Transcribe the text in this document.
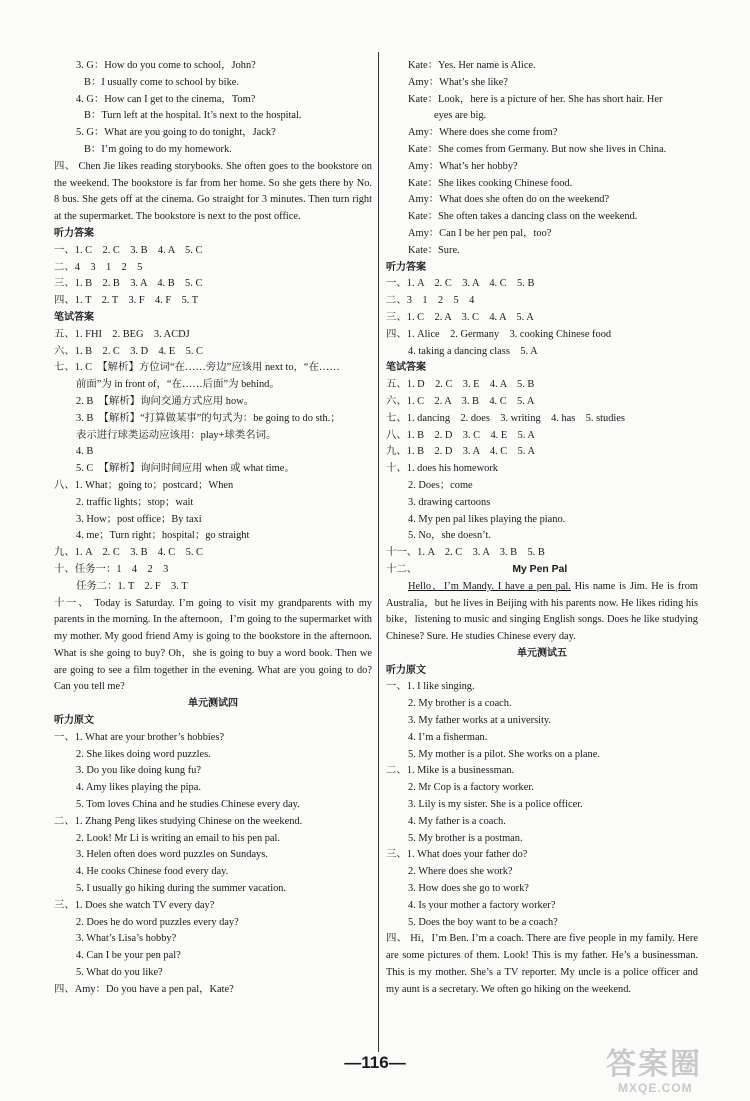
3. G：How do you come to school，John?
B：I usually come to school by bike.
4. G：How can I get to the cinema，Tom?
B：Turn left at the hospital. It’s next to the hospital.
5. G：What are you going to do tonight，Jack?
B：I’m going to do my homework.
四、 Chen Jie likes reading storybooks. She often goes to the bookstore on the weekend. The bookstore is far from her home. So she gets there by No. 8 bus. She gets off at the cinema. Go straight for 3 minutes. Then turn right at the supermarket. The bookstore is next to the post office.
听力答案
一、1. C　2. C　3. B　4. A　5. C
二、4　3　1　2　5
三、1. B　2. B　3. A　4. B　5. C
四、1. T　2. T　3. F　4. F　5. T
笔试答案
五、1. FHI　2. BEG　3. ACDJ
六、1. B　2. C　3. D　4. E　5. C
七、1. C　【解析】方位词“在……旁边”应该用 next to，“在……
前面”为 in front of，“在……后面”为 behind。
2. B　【解析】询问交通方式应用 how。
3. B　【解析】“打算做某事”的句式为：be going to do sth.；
表示进行球类运动应该用：play+球类名词。
4. B
5. C　【解析】询问时间应用 when 或 what time。
八、1. What；going to；postcard；When
2. traffic lights；stop；wait
3. How；post office；By taxi
4. me；Turn right；hospital；go straight
九、1. A　2. C　3. B　4. C　5. C
十、任务一：1　4　2　3
任务二：1. T　2. F　3. T
十一、 Today is Saturday. I’m going to visit my grandparents with my parents in the morning. In the afternoon，I’m going to the supermarket with my mother. My good friend Amy is going to the bookstore in the afternoon. What is she going to buy? Oh，she is going to buy a word book. Then we are going to see a film together in the evening. What are you going to do? Can you tell me?
单元测试四
听力原文
一、1. What are your brother’s hobbies?
2. She likes doing word puzzles.
3. Do you like doing kung fu?
4. Amy likes playing the pipa.
5. Tom loves China and he studies Chinese every day.
二、1. Zhang Peng likes studying Chinese on the weekend.
2. Look! Mr Li is writing an email to his pen pal.
3. Helen often does word puzzles on Sundays.
4. He cooks Chinese food every day.
5. I usually go hiking during the summer vacation.
三、1. Does she watch TV every day?
2. Does he do word puzzles every day?
3. What’s Lisa’s hobby?
4. Can I be your pen pal?
5. What do you like?
四、Amy：Do you have a pen pal，Kate?
Kate：Yes. Her name is Alice.
Amy：What’s she like?
Kate：Look，here is a picture of her. She has short hair. Her
eyes are big.
Amy：Where does she come from?
Kate：She comes from Germany. But now she lives in China.
Amy：What’s her hobby?
Kate：She likes cooking Chinese food.
Amy：What does she often do on the weekend?
Kate：She often takes a dancing class on the weekend.
Amy：Can I be her pen pal，too?
Kate：Sure.
听力答案
一、1. A　2. C　3. A　4. C　5. B
二、3　1　2　5　4
三、1. C　2. A　3. C　4. A　5. A
四、1. Alice　2. Germany　3. cooking Chinese food
4. taking a dancing class　5. A
笔试答案
五、1. D　2. C　3. E　4. A　5. B
六、1. C　2. A　3. B　4. C　5. A
七、1. dancing　2. does　3. writing　4. has　5. studies
八、1. B　2. D　3. C　4. E　5. A
九、1. B　2. D　3. A　4. C　5. A
十、1. does his homework
2. Does；come
3. drawing cartoons
4. My pen pal likes playing the piano.
5. No，she doesn’t.
十一、1. A　2. C　3. A　3. B　5. B
十二、	My Pen Pal
Hello，I’m Mandy. I have a pen pal. His name is Jim. He is from Australia，but he lives in Beijing with his parents now. He likes riding his bike，listening to music and singing English songs. Does he like studying Chinese? Sure. He studies Chinese every day.
单元测试五
听力原文
一、1. I like singing.
2. My brother is a coach.
3. My father works at a university.
4. I’m a fisherman.
5. My mother is a pilot. She works on a plane.
二、1. Mike is a businessman.
2. Mr Cop is a factory worker.
3. Lily is my sister. She is a police officer.
4. My father is a coach.
5. My brother is a postman.
三、1. What does your father do?
2. Where does she work?
3. How does she go to work?
4. Is your mother a factory worker?
5. Does the boy want to be a coach?
四、 Hi，I’m Ben. I’m a coach. There are five people in my family. Here are some pictures of them. Look! This is my father. He’s a businessman. This is my mother. She’s a TV reporter. My uncle is a police officer and my aunt is a secretary. We often go hiking on the weekend.
—116—	答案圈
MXQE.COM
